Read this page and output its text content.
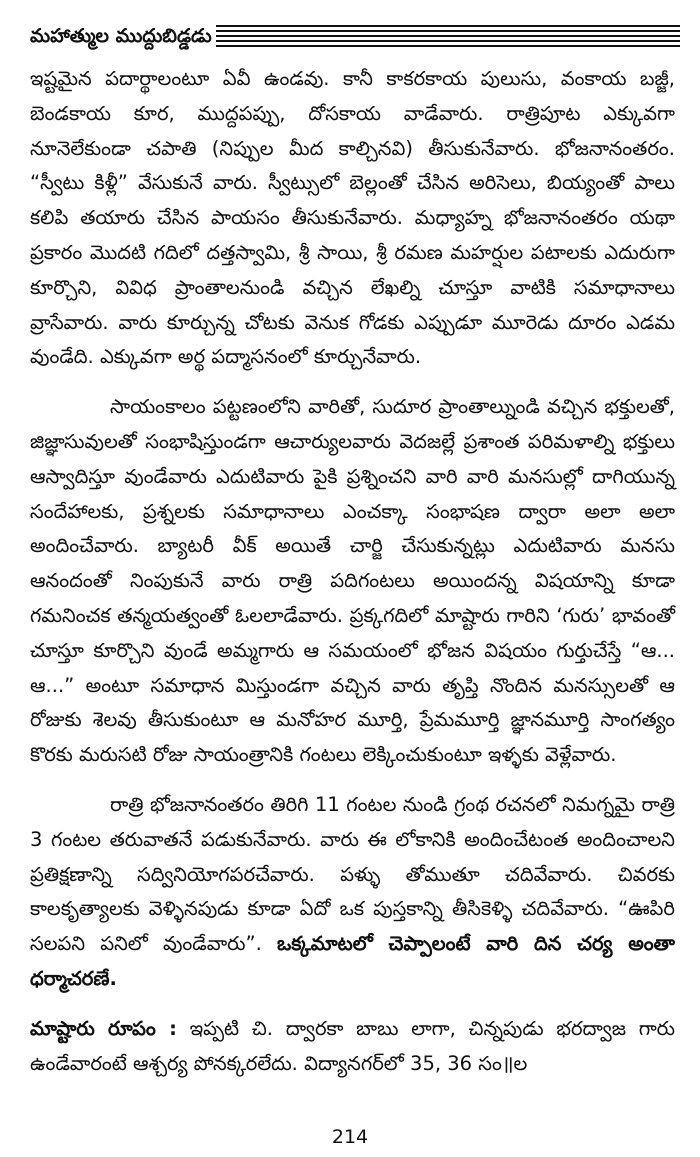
మహాత్ముల ముద్దుబిడ్డడు

ఇష్టమైన పదార్థాలంటూ ఏవీ ఉండవు. కానీ కాకరకాయ పులుసు, వంకాయ బజ్జీ, బెండకాయ కూర, ముద్దపప్పు, దోసకాయ వాడేవారు. రాత్రిపూట ఎక్కువగా నూనెలేకుండా చపాతి (నిప్పుల మీద కాల్చినవి) తీసుకునేవారు. భోజనానంతరం. “స్వీటు కిళ్లీ” వేసుకునే వారు. స్వీట్సులో బెల్లంతో చేసిన అరిసెలు, బియ్యంతో పాలు కలిపి తయారు చేసిన పాయసం తీసుకునేవారు. మధ్యాహ్న భోజనానంతరం యథా ప్రకారం మొదటి గదిలో దత్తస్వామి, శ్రీ సాయి, శ్రీ రమణ మహర్షుల పటాలకు ఎదురుగా కూర్చొని, వివిధ ప్రాంతాలనుండి వచ్చిన లేఖల్ని చూస్తూ వాటికి సమాధానాలు వ్రాసేవారు. వారు కూర్చున్న చోటకు వెనుక గోడకు ఎప్పుడూ మూరెడు దూరం ఎడమ వుండేది. ఎక్కువగా అర్థ పద్మాసనంలో కూర్చునేవారు.

సాయంకాలం పట్టణంలోని వారితో, సుదూర ప్రాంతాల్నుండి వచ్చిన భక్తులతో, జిజ్ఞాసువులతో సంభాషిస్తుండగా ఆచార్యులవారు వెదజల్లే ప్రశాంత పరిమళాల్ని భక్తులు ఆస్వాదిస్తూ వుండేవారు ఎదుటివారు పైకి ప్రశ్నించని వారి వారి మనసుల్లో దాగియున్న సందేహాలకు, ప్రశ్నలకు సమాధానాలు ఎంచక్కా సంభాషణ ద్వారా అలా అలా అందించేవారు. బ్యాటరీ వీక్ అయితే చార్జి చేసుకున్నట్లు ఎదుటివారు మనసు ఆనందంతో నింపుకునే వారు రాత్రి పదిగంటలు అయిందన్న విషయాన్ని కూడా గమనించక తన్మయత్వంతో ఓలలాడేవారు. ప్రక్కగదిలో మాష్టారు గారిని ‘గురు’ భావంతో చూస్తూ కూర్చొని వుండే అమ్మగారు ఆ సమయంలో భోజన విషయం గుర్తుచేస్తే “ఆ... ఆ...” అంటూ సమాధాన మిస్తుండగా వచ్చిన వారు తృప్తి నొందిన మనస్సులతో ఆ రోజుకు శెలవు తీసుకుంటూ ఆ మనోహర మూర్తి, ప్రేమమూర్తి జ్ఞానమూర్తి సాంగత్యం కొరకు మరుసటి రోజు సాయంత్రానికి గంటలు లెక్కించుకుంటూ ఇళ్ళకు వెళ్లేవారు.

రాత్రి భోజనానంతరం తిరిగి 11 గంటల నుండి గ్రంథ రచనలో నిమగ్నమై రాత్రి 3 గంటల తరువాతనే పడుకునేవారు. వారు ఈ లోకానికి అందించేటంత అందించాలని ప్రతిక్షణాన్ని సద్వినియోగపరచేవారు. పళ్ళు తోముతూ చదివేవారు. చివరకు కాలకృత్యాలకు వెళ్ళినపుడు కూడా ఏదో ఒక పుస్తకాన్ని తీసికెళ్ళి చదివేవారు. “ఊపిరి సలపని పనిలో వుండేవారు”. ఒక్కమాటలో చెప్పాలంటే వారి దిన చర్య అంతా ధర్మాచరణే.

మాష్టారు రూపం : ఇప్పటి చి. ద్వారకా బాబు లాగా, చిన్నపుడు భరద్వాజ గారు ఉండేవారంటే ఆశ్చర్య పోనక్కరలేదు. విద్యానగర్‌లో 35, 36 సం॥ల

214
